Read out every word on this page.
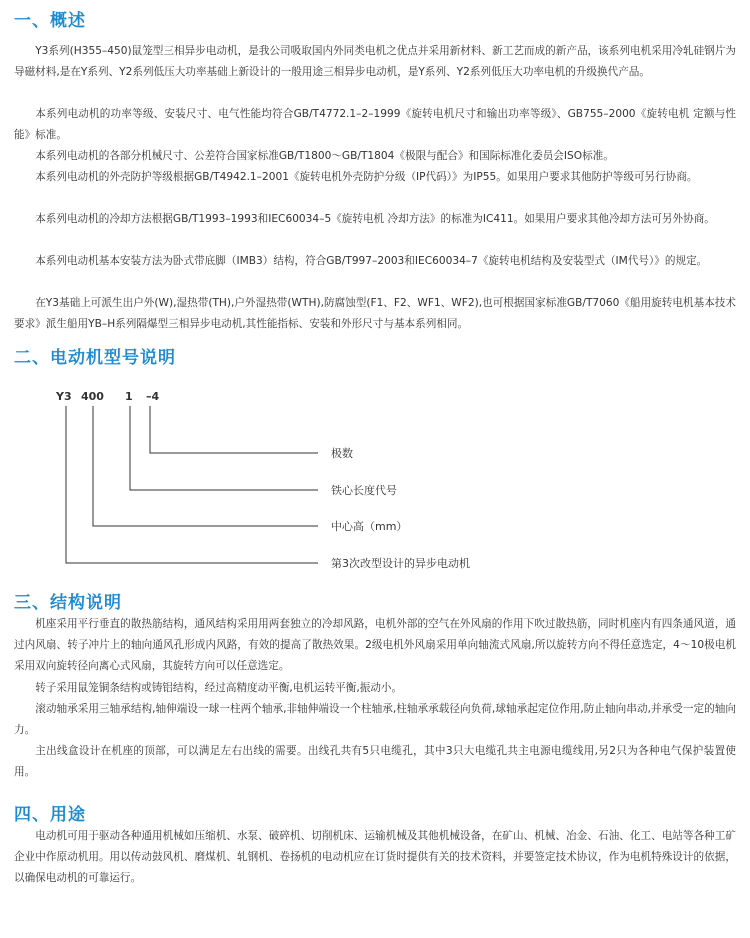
一、概述

Y3系列(H355–450)鼠笼型三相异步电动机，是我公司吸取国内外同类电机之优点并采用新材料、新工艺而成的新产品，该系列电机采用冷轧硅钢片为导磁材料,是在Y系列、Y2系列低压大功率基础上新设计的一般用途三相异步电动机，是Y系列、Y2系列低压大功率电机的升级换代产品。

本系列电动机的功率等级、安装尺寸、电气性能均符合GB/T4772.1–2–1999《旋转电机尺寸和输出功率等级》、GB755–2000《旋转电机 定额与性能》标准。

本系列电动机的各部分机械尺寸、公差符合国家标准GB/T1800～GB/T1804《极限与配合》和国际标准化委员会ISO标准。

本系列电动机的外壳防护等级根据GB/T4942.1–2001《旋转电机外壳防护分级（IP代码）》为IP55。如果用户要求其他防护等级可另行协商。

本系列电动机的冷却方法根据GB/T1993–1993和IEC60034–5《旋转电机 冷却方法》的标准为IC411。如果用户要求其他冷却方法可另外协商。

本系列电动机基本安装方法为卧式带底脚（IMB3）结构，符合GB/T997–2003和IEC60034–7《旋转电机结构及安装型式（IM代号）》的规定。

在Y3基础上可派生出户外(W),湿热带(TH),户外湿热带(WTH),防腐蚀型(F1、F2、WF1、WF2),也可根据国家标准GB/T7060《船用旋转电机基本技术要求》派生船用YB–H系列隔爆型三相异步电动机,其性能指标、安装和外形尺寸与基本系列相同。

二、电动机型号说明
Y3 400 1 –4
极数
铁心长度代号
中心高（mm）
第3次改型设计的异步电动机
三、结构说明

机座采用平行垂直的散热筋结构，通风结构采用用两套独立的冷却风路，电机外部的空气在外风扇的作用下吹过散热筋，同时机座内有四条通风道，通过内风扇、转子冲片上的轴向通风孔形成内风路，有效的提高了散热效果。2级电机外风扇采用单向轴流式风扇,所以旋转方向不得任意选定，4～10极电机采用双向旋转径向离心式风扇，其旋转方向可以任意选定。

转子采用鼠笼铜条结构或铸铝结构，经过高精度动平衡,电机运转平衡,振动小。

滚动轴承采用三轴承结构,轴伸端设一球一柱两个轴承,非轴伸端设一个柱轴承,柱轴承承载径向负荷,球轴承起定位作用,防止轴向串动,并承受一定的轴向力。

主出线盒设计在机座的顶部，可以满足左右出线的需要。出线孔共有5只电缆孔，其中3只大电缆孔共主电源电缆线用,另2只为各种电气保护装置使用。

四、用途

电动机可用于驱动各种通用机械如压缩机、水泵、破碎机、切削机床、运输机械及其他机械设备，在矿山、机械、冶金、石油、化工、电站等各种工矿企业中作原动机用。用以传动鼓风机、磨煤机、轧钢机、卷扬机的电动机应在订货时提供有关的技术资料，并要签定技术协议，作为电机特殊设计的依据，以确保电动机的可靠运行。
